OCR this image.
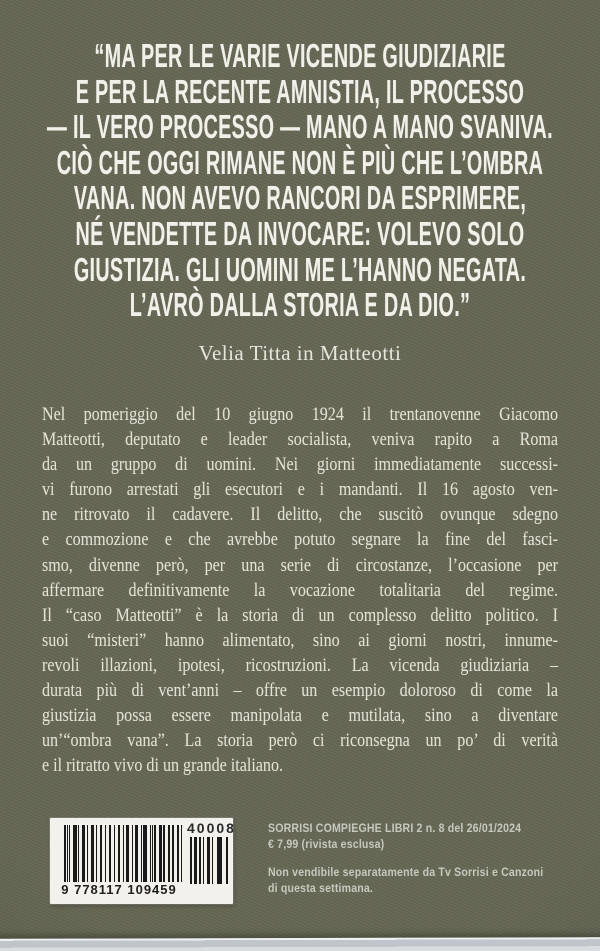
“MA PER LE VARIE VICENDE GIUDIZIARIE
E PER LA RECENTE AMNISTIA, IL PROCESSO
— IL VERO PROCESSO — MANO A MANO SVANIVA.
CIÒ CHE OGGI RIMANE NON È PIÙ CHE L’OMBRA
VANA. NON AVEVO RANCORI DA ESPRIMERE,
NÉ VENDETTE DA INVOCARE: VOLEVO SOLO
GIUSTIZIA. GLI UOMINI ME L’HANNO NEGATA.
L’AVRÒ DALLA STORIA E DA DIO.”
Velia Titta in Matteotti
Nel pomeriggio del 10 giugno 1924 il trentanovenne Giacomo
Matteotti, deputato e leader socialista, veniva rapito a Roma
da un gruppo di uomini. Nei giorni immediatamente successi-
vi furono arrestati gli esecutori e i mandanti. Il 16 agosto ven-
ne ritrovato il cadavere. Il delitto, che suscitò ovunque sdegno
e commozione e che avrebbe potuto segnare la fine del fasci-
smo, divenne però, per una serie di circostanze, l’occasione per
affermare definitivamente la vocazione totalitaria del regime.
Il “caso Matteotti” è la storia di un complesso delitto politico. I
suoi “misteri” hanno alimentato, sino ai giorni nostri, innume-
revoli illazioni, ipotesi, ricostruzioni. La vicenda giudiziaria –
durata più di vent’anni – offre un esempio doloroso di come la
giustizia possa essere manipolata e mutilata, sino a diventare
un’“ombra vana”. La storia però ci riconsegna un po’ di verità
e il ritratto vivo di un grande italiano.
9 778117 109459
40008	SORRISI COMPIEGHE LIBRI 2 n. 8 del 26/01/2024
€ 7,99 (rivista esclusa)
Non vendibile separatamente da Tv Sorrisi e Canzoni
di questa settimana.
